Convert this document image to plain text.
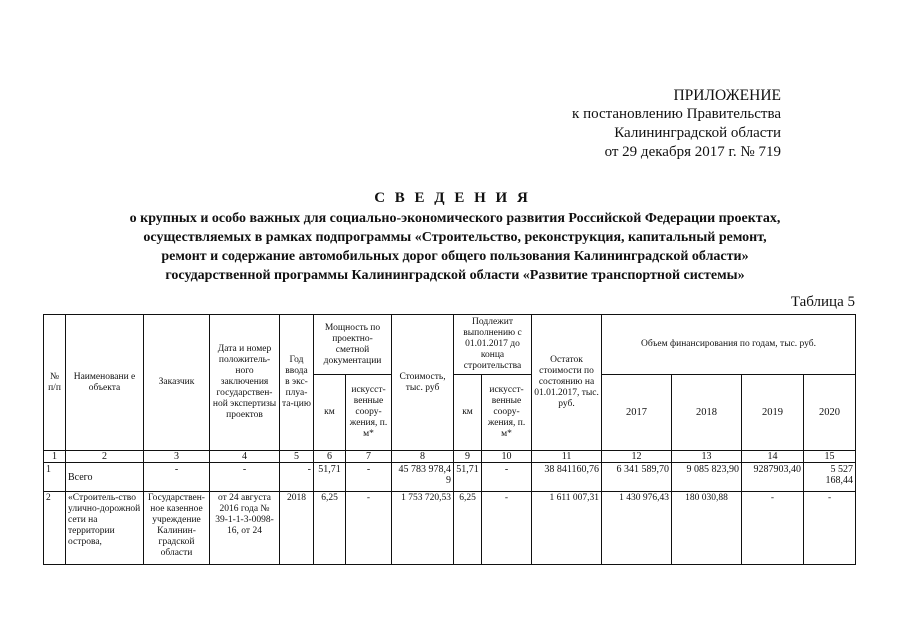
ПРИЛОЖЕНИЕ
к постановлению Правительства
Калининградской области
от 29 декабря 2017 г. № 719
С В Е Д Е Н И Я
о крупных и особо важных для социально-экономического развития Российской Федерации проектах,
осуществляемых в рамках подпрограммы «Строительство, реконструкция, капитальный ремонт,
ремонт и содержание автомобильных дорог общего пользования Калининградской области»
государственной программы Калининградской области «Развитие транспортной системы»
Таблица 5
№ п/п	Наименовани е объекта	Заказчик	Дата и номер положитель-ного заключения государствен-ной экспертизы проектов	Год ввода в экс-плуа-та-цию	Мощность по проектно-сметной документации		Стоимость, тыс. руб	Подлежит выполнению с 01.01.2017 до конца строительства		Остаток стоимости по состоянию на 01.01.2017, тыс. руб.	Объем финансирования по годам, тыс. руб.			
					км	искусст-венные соору-жения, п. м*		км	искусст-венные соору-жения, п. м*		2017	2018	2019	2020
1	2	3	4	5	6	7	8	9	10	11	12	13	14	15
1	Всего	-	-	-	51,71	-	45 783 978,4 9	51,71	-	38 841160,76	6 341 589,70	9 085 823,90	9287903,40	5 527 168,44
2	«Строитель-ство улично-дорожной сети на территории острова,	Государствен-ное казенное учреждение Калинин-градской области	от 24 августа 2016 года № 39-1-1-3-0098-16, от 24	2018	6,25	-	1 753 720,53	6,25	-	1 611 007,31	1 430 976,43	180 030,88	-	-
